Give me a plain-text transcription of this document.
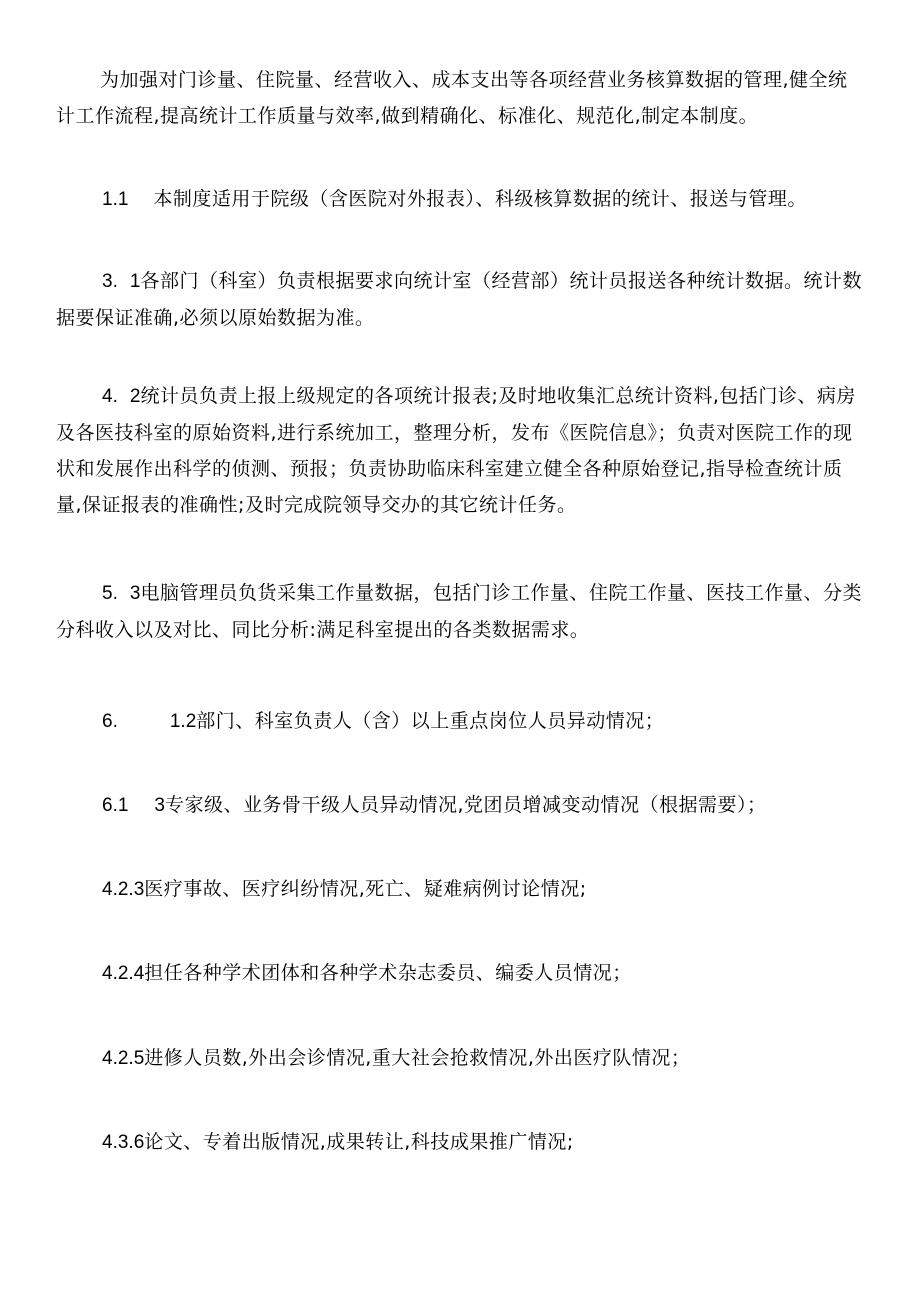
为加强对门诊量、住院量、经营收入、成本支出等各项经营业务核算数据的管理,健全统计工作流程,提高统计工作质量与效率,做到精确化、标准化、规范化,制定本制度。

1.1 本制度适用于院级（含医院对外报表）、科级核算数据的统计、报送与管理。

3. 1各部门（科室）负责根据要求向统计室（经营部）统计员报送各种统计数据。统计数据要保证准确,必须以原始数据为准。

4. 2统计员负责上报上级规定的各项统计报表;及时地收集汇总统计资料,包括门诊、病房及各医技科室的原始资料,进行系统加工，整理分析，发布《医院信息》；负责对医院工作的现状和发展作出科学的侦测、预报；负责协助临床科室建立健全各种原始登记,指导检查统计质量,保证报表的准确性;及时完成院领导交办的其它统计任务。

5. 3电脑管理员负货采集工作量数据，包括门诊工作量、住院工作量、医技工作量、分类分科收入以及对比、同比分析:满足科室提出的各类数据需求。

6.	1.2部门、科室负责人（含）以上重点岗位人员异动情况；

6.1 3专家级、业务骨干级人员异动情况,党团员增减变动情况（根据需要）；

4.2.3医疗事故、医疗纠纷情况,死亡、疑难病例讨论情况;

4.2.4担任各种学术团体和各种学术杂志委员、编委人员情况；

4.2.5进修人员数,外出会诊情况,重大社会抢救情况,外出医疗队情况；

4.3.6论文、专着出版情况,成果转让,科技成果推广情况;
